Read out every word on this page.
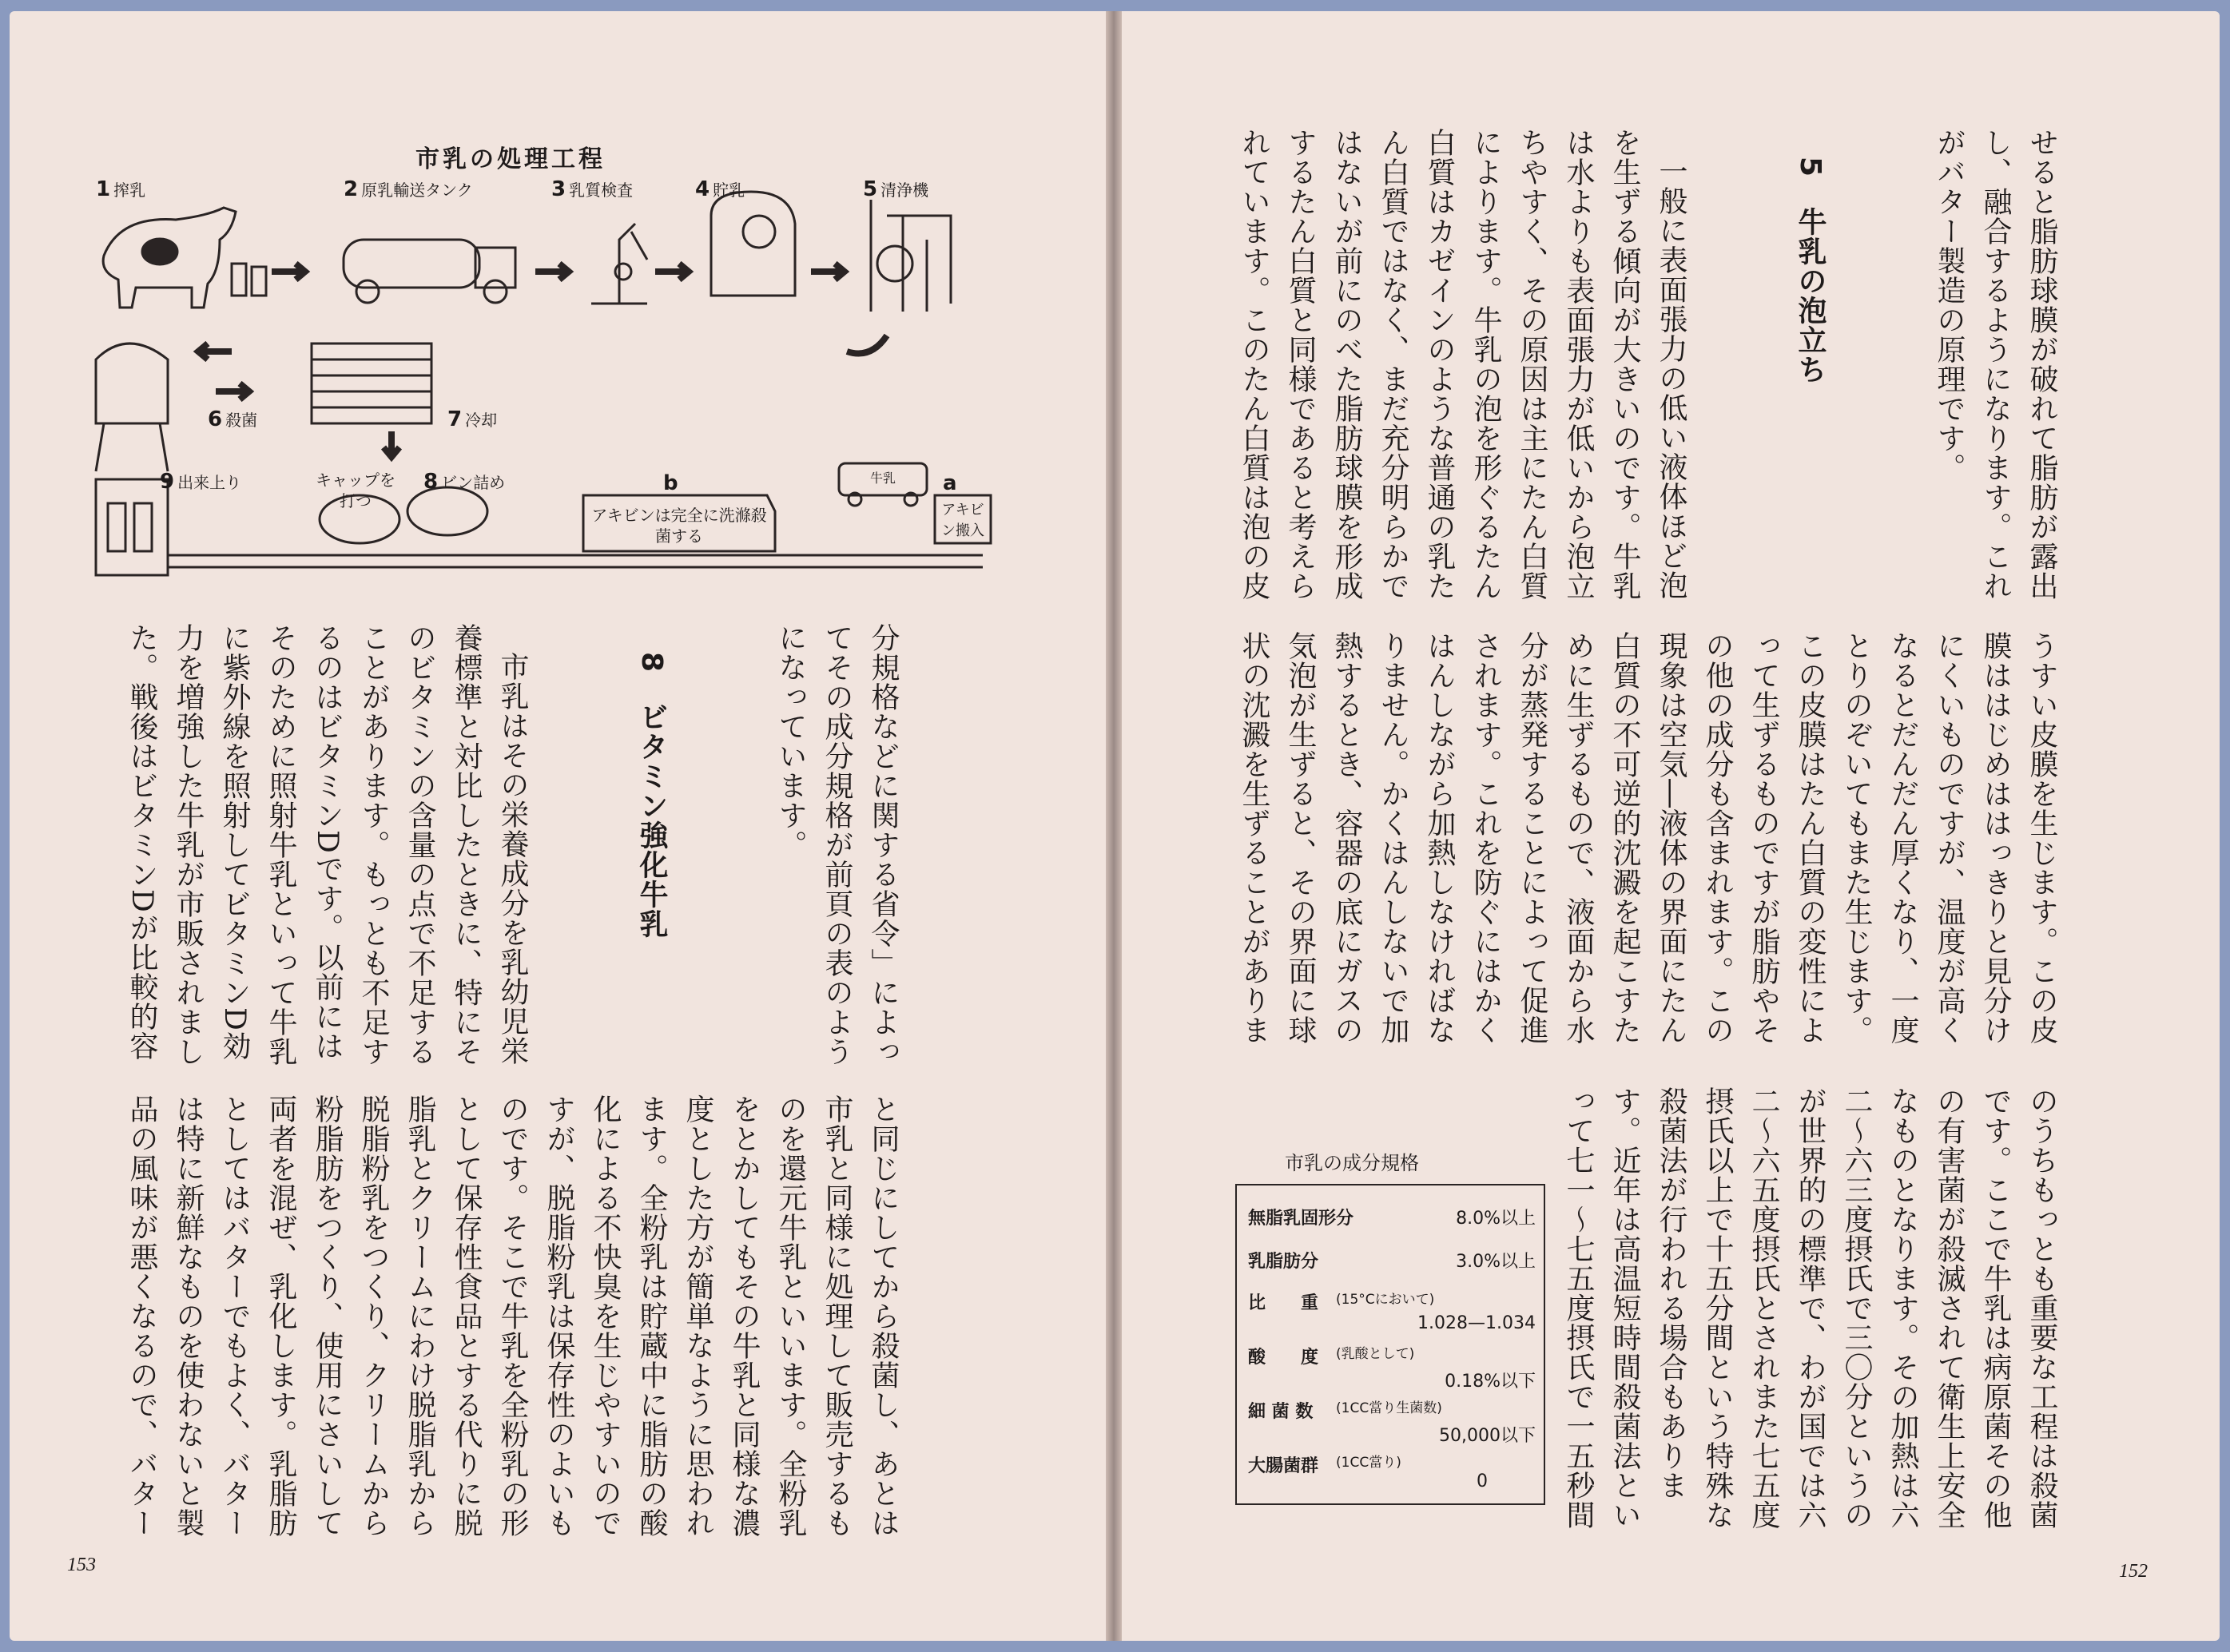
せると脂肪球膜が破れて脂肪が露出し、融合するようになります。これがバター製造の原理です。

5　牛乳の泡立ち

一般に表面張力の低い液体ほど泡を生ずる傾向が大きいのです。牛乳は水よりも表面張力が低いから泡立ちやすく、その原因は主にたん白質によります。牛乳の泡を形ぐるたん白質はカゼインのような普通の乳たん白質ではなく、まだ充分明らかではないが前にのべた脂肪球膜を形成するたん白質と同様であると考えられています。このたん白質は泡の皮

うすい皮膜を生じます。この皮膜ははじめははっきりと見分けにくいものですが、温度が高くなるとだんだん厚くなり、一度とりのぞいてもまた生じます。この皮膜はたん白質の変性によって生ずるものですが脂肪やその他の成分も含まれます。この現象は空気―液体の界面にたん白質の不可逆的沈澱を起こすために生ずるもので、液面から水分が蒸発することによって促進されます。これを防ぐにはかくはんしながら加熱しなければなりません。かくはんしないで加熱するとき、容器の底にガスの気泡が生ずると、その界面に球状の沈澱を生ずることがありま

のうちもっとも重要な工程は殺菌です。ここで牛乳は病原菌その他の有害菌が殺滅されて衛生上安全なものとなります。その加熱は六二〜六三度摂氏で三〇分というのが世界的の標準で、わが国では六二〜六五度摂氏とされまた七五度摂氏以上で十五分間という特殊な殺菌法が行われる場合もあります。近年は高温短時間殺菌法といって七一〜七五度摂氏で一五秒間

市乳の成分規格
無脂乳固形分	8.0%以上
乳脂肪分	3.0%以上
比　　重 (15°Cにおいて)
1.028—1.034
酸　　度 (乳酸として)
0.18%以下
細 菌 数 (1CC當り生菌数)
50,000以下
大腸菌群 (1CC當り)
0
152
市乳の処理工程
1 搾乳	2 原乳輸送タンク	3 乳質検査	4 貯乳	5 清浄機
6 殺菌	7 冷却
8 ビン詰め
9 出来上り	キャップを打つ
b	a
アキビンは完全に洗滌殺菌する
アキビン搬入
牛乳

分規格などに関する省令」によってその成分規格が前頁の表のようになっています。

8　ビタミン強化牛乳

市乳はその栄養成分を乳幼児栄養標準と対比したときに、特にそのビタミンの含量の点で不足することがあります。もっとも不足するのはビタミンDです。以前にはそのために照射牛乳といって牛乳に紫外線を照射してビタミンD効力を増強した牛乳が市販されました。戦後はビタミンDが比較的容

と同じにしてから殺菌し、あとは市乳と同様に処理して販売するものを還元牛乳といいます。全粉乳をとかしてもその牛乳と同様な濃度とした方が簡単なように思われます。全粉乳は貯蔵中に脂肪の酸化による不快臭を生じやすいのですが、脱脂粉乳は保存性のよいものです。そこで牛乳を全粉乳の形として保存性食品とする代りに脱脂乳とクリームにわけ脱脂乳から脱脂粉乳をつくり、クリームから粉脂肪をつくり、使用にさいして両者を混ぜ、乳化します。乳脂肪としてはバターでもよく、バターは特に新鮮なものを使わないと製品の風味が悪くなるので、バター

153
